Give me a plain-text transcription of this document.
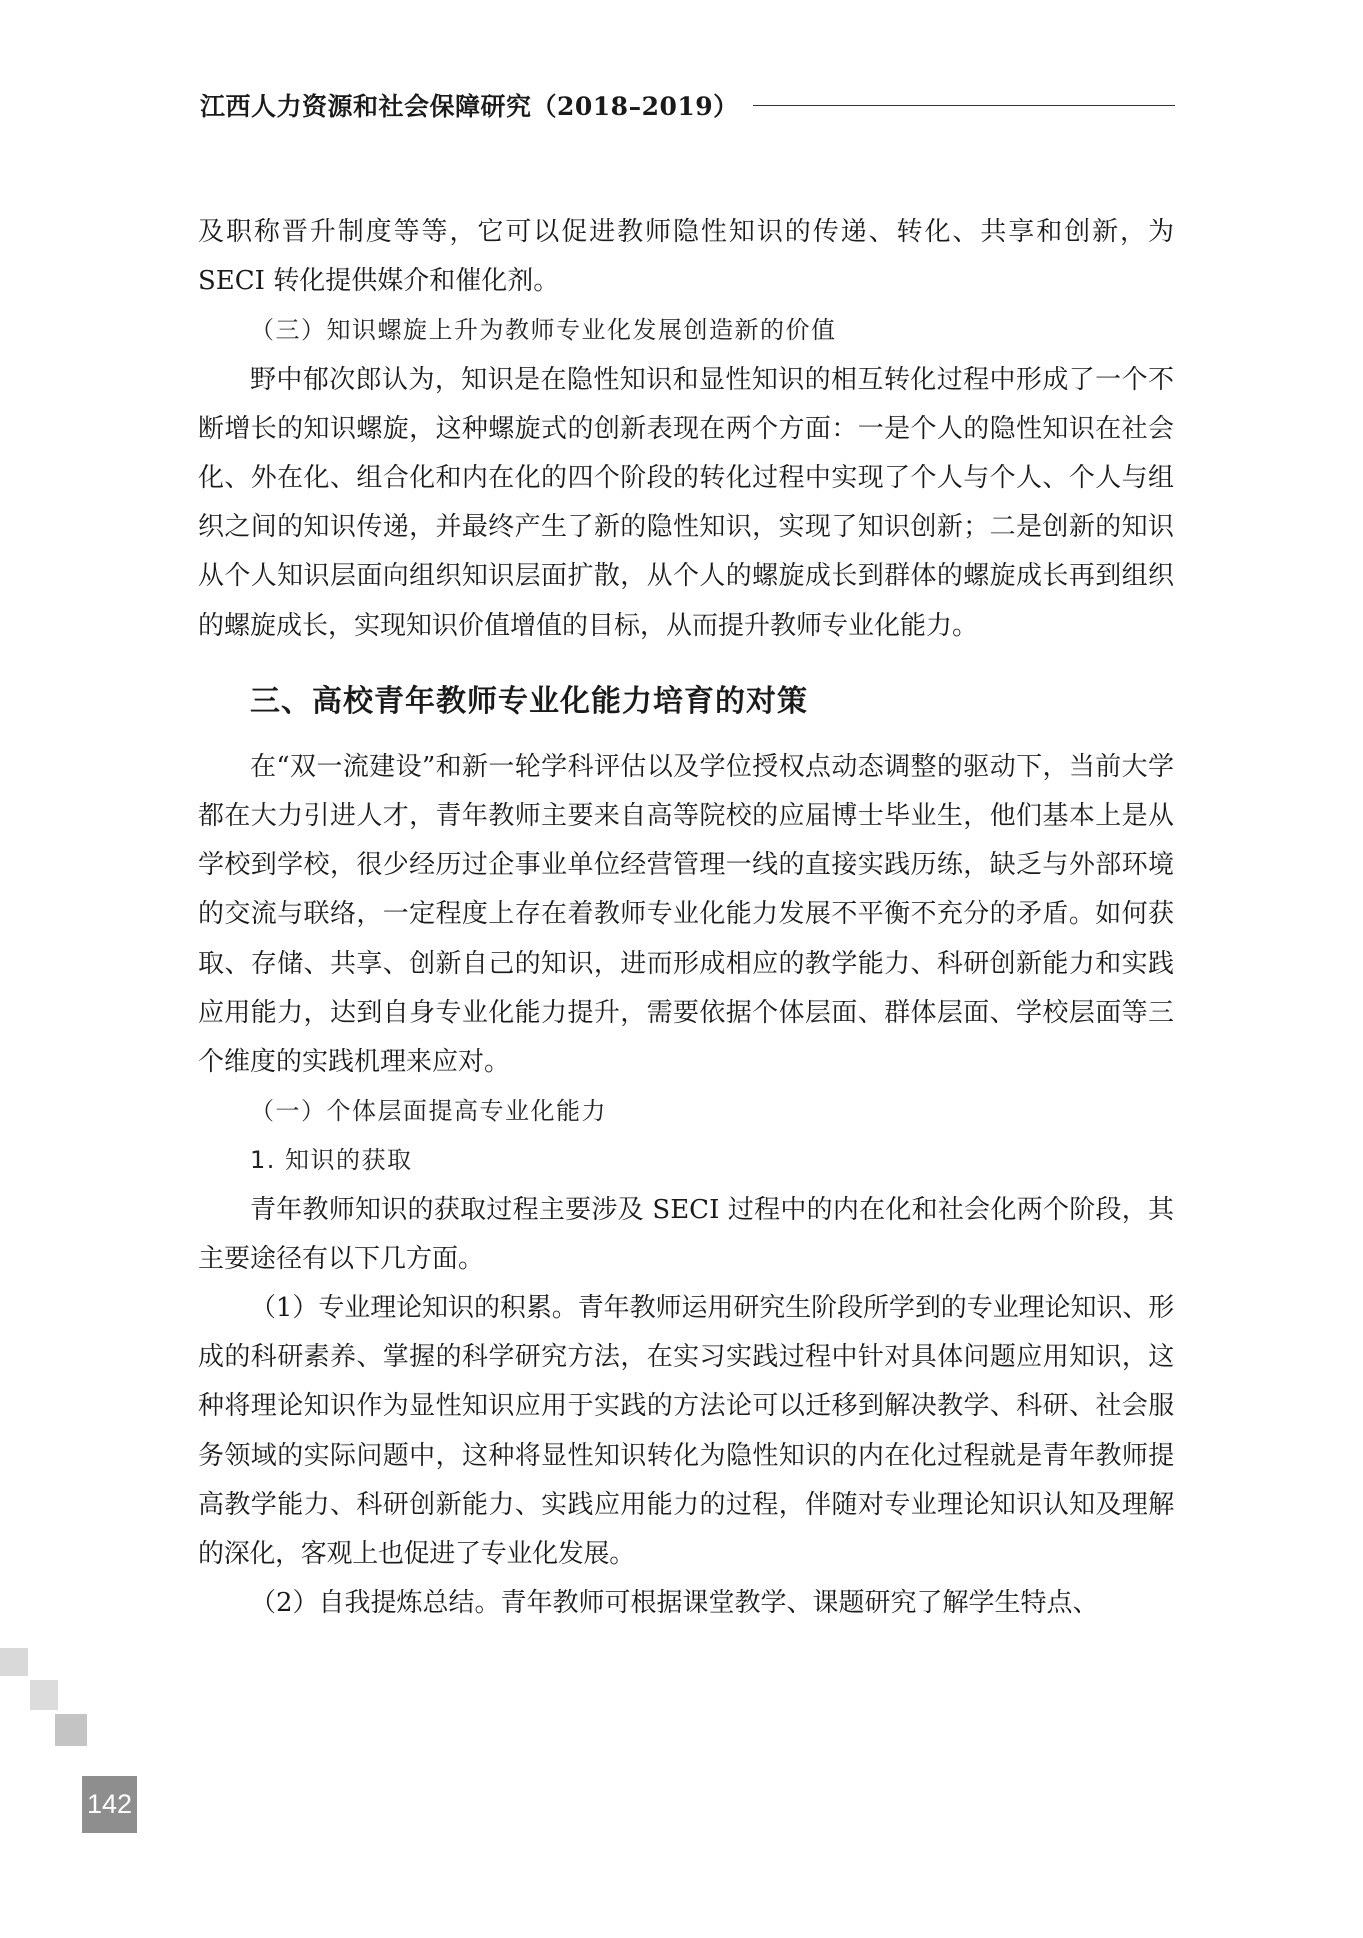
江西人力资源和社会保障研究（2018–2019）

及职称晋升制度等等，它可以促进教师隐性知识的传递、转化、共享和创新，为 SECI 转化提供媒介和催化剂。

（三）知识螺旋上升为教师专业化发展创造新的价值

野中郁次郎认为，知识是在隐性知识和显性知识的相互转化过程中形成了一个不断增长的知识螺旋，这种螺旋式的创新表现在两个方面：一是个人的隐性知识在社会化、外在化、组合化和内在化的四个阶段的转化过程中实现了个人与个人、个人与组织之间的知识传递，并最终产生了新的隐性知识，实现了知识创新；二是创新的知识从个人知识层面向组织知识层面扩散，从个人的螺旋成长到群体的螺旋成长再到组织的螺旋成长，实现知识价值增值的目标，从而提升教师专业化能力。

三、高校青年教师专业化能力培育的对策

在“双一流建设”和新一轮学科评估以及学位授权点动态调整的驱动下，当前大学都在大力引进人才，青年教师主要来自高等院校的应届博士毕业生，他们基本上是从学校到学校，很少经历过企事业单位经营管理一线的直接实践历练，缺乏与外部环境的交流与联络，一定程度上存在着教师专业化能力发展不平衡不充分的矛盾。如何获取、存储、共享、创新自己的知识，进而形成相应的教学能力、科研创新能力和实践应用能力，达到自身专业化能力提升，需要依据个体层面、群体层面、学校层面等三个维度的实践机理来应对。

（一）个体层面提高专业化能力

1. 知识的获取

青年教师知识的获取过程主要涉及 SECI 过程中的内在化和社会化两个阶段，其主要途径有以下几方面。

（1）专业理论知识的积累。青年教师运用研究生阶段所学到的专业理论知识、形成的科研素养、掌握的科学研究方法，在实习实践过程中针对具体问题应用知识，这种将理论知识作为显性知识应用于实践的方法论可以迁移到解决教学、科研、社会服务领域的实际问题中，这种将显性知识转化为隐性知识的内在化过程就是青年教师提高教学能力、科研创新能力、实践应用能力的过程，伴随对专业理论知识认知及理解的深化，客观上也促进了专业化发展。

（2）自我提炼总结。青年教师可根据课堂教学、课题研究了解学生特点、

142
